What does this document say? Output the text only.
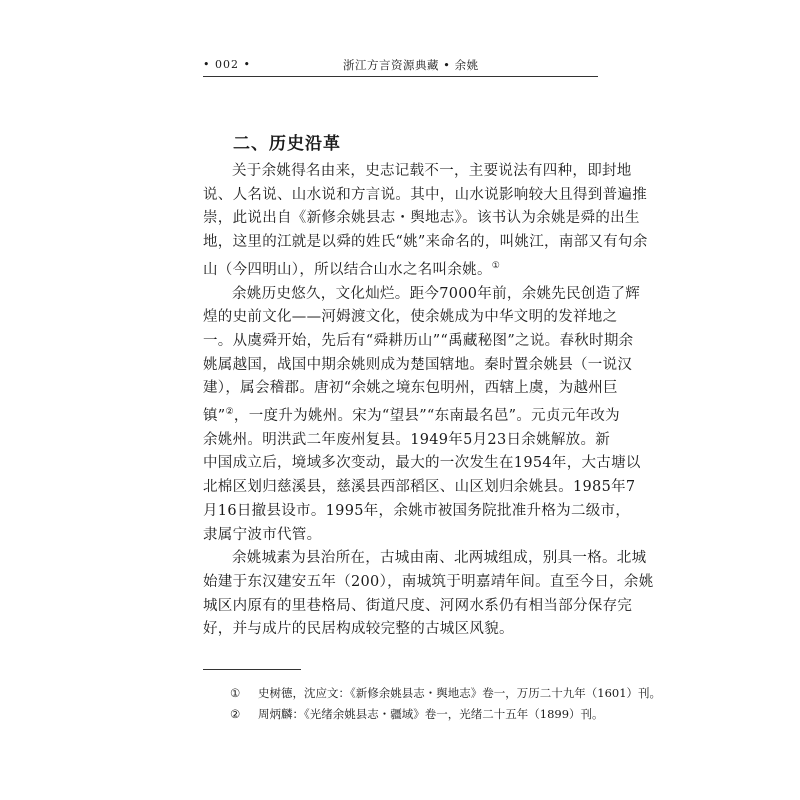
• 002 •	浙江方言资源典藏 • 余姚
二、历史沿革

关于余姚得名由来，史志记载不一，主要说法有四种，即封地
说、人名说、山水说和方言说。其中，山水说影响较大且得到普遍推
崇，此说出自《新修余姚县志・舆地志》。该书认为余姚是舜的出生
地，这里的江就是以舜的姓氏“姚”来命名的，叫姚江，南部又有句余
山（今四明山），所以结合山水之名叫余姚。①

余姚历史悠久，文化灿烂。距今7000年前，余姚先民创造了辉
煌的史前文化——河姆渡文化，使余姚成为中华文明的发祥地之
一。从虞舜开始，先后有“舜耕历山”“禹藏秘图”之说。春秋时期余
姚属越国，战国中期余姚则成为楚国辖地。秦时置余姚县（一说汉
建），属会稽郡。唐初“余姚之境东包明州，西辖上虞，为越州巨
镇”②，一度升为姚州。宋为“望县”“东南最名邑”。元贞元年改为
余姚州。明洪武二年废州复县。1949年5月23日余姚解放。新
中国成立后，境域多次变动，最大的一次发生在1954年，大古塘以
北棉区划归慈溪县，慈溪县西部稻区、山区划归余姚县。1985年7
月16日撤县设市。1995年，余姚市被国务院批准升格为二级市，
隶属宁波市代管。

余姚城素为县治所在，古城由南、北两城组成，别具一格。北城
始建于东汉建安五年（200），南城筑于明嘉靖年间。直至今日，余姚
城区内原有的里巷格局、街道尺度、河网水系仍有相当部分保存完
好，并与成片的民居构成较完整的古城区风貌。

① 史树德，沈应文：《新修余姚县志・舆地志》卷一，万历二十九年（1601）刊。
② 周炳麟：《光绪余姚县志・疆域》卷一，光绪二十五年（1899）刊。
